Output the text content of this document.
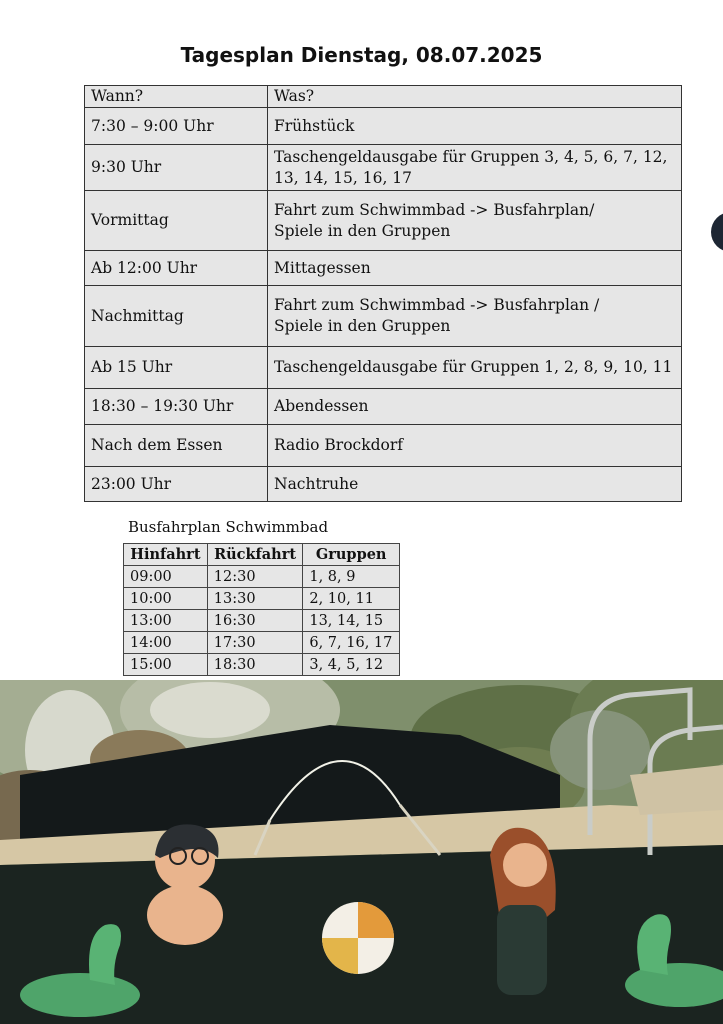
Tagesplan Dienstag, 08.07.2025
Wann?	Was?
7:30 – 9:00 Uhr	Frühstück
9:30 Uhr	Taschengeldausgabe für Gruppen 3, 4, 5, 6, 7, 12,
13, 14, 15, 16, 17
Vormittag	Fahrt zum Schwimmbad -> Busfahrplan/
Spiele in den Gruppen
Ab 12:00 Uhr	Mittagessen
Nachmittag	Fahrt zum Schwimmbad -> Busfahrplan /
Spiele in den Gruppen
Ab 15 Uhr	Taschengeldausgabe für Gruppen 1, 2, 8, 9, 10, 11
18:30 – 19:30 Uhr	Abendessen
Nach dem Essen	Radio Brockdorf
23:00 Uhr	Nachtruhe
Busfahrplan Schwimmbad
Hinfahrt	Rückfahrt	Gruppen
09:00	12:30	1, 8, 9
10:00	13:30	2, 10, 11
13:00	16:30	13, 14, 15
14:00	17:30	6, 7, 16, 17
15:00	18:30	3, 4, 5, 12
